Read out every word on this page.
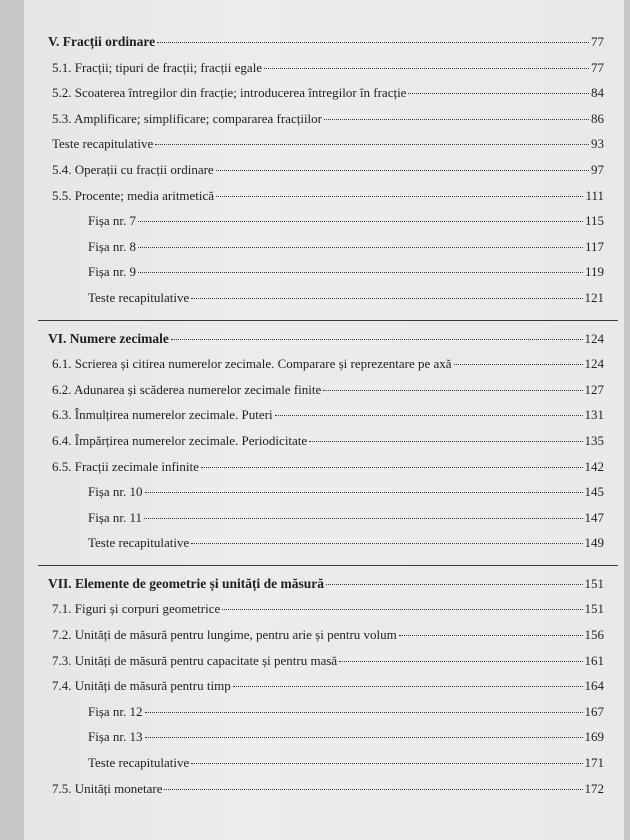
V. Fracții ordinare	77
5.1. Fracții; tipuri de fracții; fracții egale	77
5.2. Scoaterea întregilor din fracție; introducerea întregilor în fracție	84
5.3. Amplificare; simplificare; compararea fracțiilor	86
Teste recapitulative	93
5.4. Operații cu fracții ordinare	97
5.5. Procente; media aritmetică	111
Fișa nr. 7	115
Fișa nr. 8	117
Fișa nr. 9	119
Teste recapitulative	121
VI. Numere zecimale	124
6.1. Scrierea și citirea numerelor zecimale. Comparare și reprezentare pe axă	124
6.2. Adunarea și scăderea numerelor zecimale finite	127
6.3. Înmulțirea numerelor zecimale. Puteri	131
6.4. Împărțirea numerelor zecimale. Periodicitate	135
6.5. Fracții zecimale infinite	142
Fișa nr. 10	145
Fișa nr. 11	147
Teste recapitulative	149
VII. Elemente de geometrie și unități de măsură	151
7.1. Figuri și corpuri geometrice	151
7.2. Unități de măsură pentru lungime, pentru arie și pentru volum	156
7.3. Unități de măsură pentru capacitate și pentru masă	161
7.4. Unități de măsură pentru timp	164
Fișa nr. 12	167
Fișa nr. 13	169
Teste recapitulative	171
7.5. Unități monetare	172
